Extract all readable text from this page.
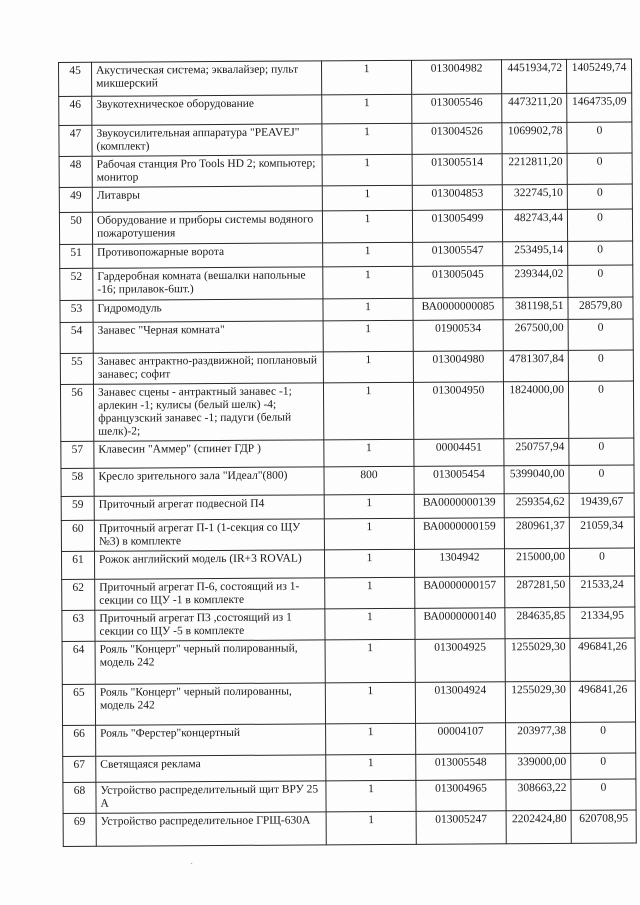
45	Акустическая система; эквалайзер; пульт микшерский	1	013004982	4451934,72	1405249,74
46	Звукотехническое оборудование	1	013005546	4473211,20	1464735,09
47	Звукоусилительная аппаратура "PEAVEJ" (комплект)	1	013004526	1069902,78	0
48	Рабочая станция Pro Tools HD 2; компьютер; монитор	1	013005514	2212811,20	0
49	Литавры	1	013004853	322745,10	0
50	Оборудование и приборы системы водяного пожаротушения	1	013005499	482743,44	0
51	Противопожарные ворота	1	013005547	253495,14	0
52	Гардеробная комната (вешалки напольные -16; прилавок-6шт.)	1	013005045	239344,02	0
53	Гидромодуль	1	ВА0000000085	381198,51	28579,80
54	Занавес "Черная комната"	1	01900534	267500,00	0
55	Занавес антрактно-раздвижной; поплановый занавес; софит	1	013004980	4781307,84	0
56	Занавес сцены - антрактный занавес -1; арлекин -1; кулисы (белый шелк) -4; французский занавес -1; падуги (белый шелк)-2;	1	013004950	1824000,00	0
57	Клавесин "Аммер" (спинет ГДР )	1	00004451	250757,94	0
58	Кресло зрительного зала "Идеал"(800)	800	013005454	5399040,00	0
59	Приточный агрегат подвесной П4	1	ВА0000000139	259354,62	19439,67
60	Приточный агрегат П-1 (1-секция со ЩУ №3) в комплекте	1	ВА0000000159	280961,37	21059,34
61	Рожок английский модель (IR+3 ROVAL)	1	1304942	215000,00	0
62	Приточный агрегат П-6, состоящий из 1-секции со ЩУ -1 в комплекте	1	ВА0000000157	287281,50	21533,24
63	Приточный агрегат П3 ,состоящий из 1 секции со ЩУ -5 в комплекте	1	ВА0000000140	284635,85	21334,95
64	Рояль "Концерт" черный полированный, модель 242	1	013004925	1255029,30	496841,26
65	Рояль "Концерт" черный полированны, модель 242	1	013004924	1255029,30	496841,26
66	Рояль "Ферстер"концертный	1	00004107	203977,38	0
67	Светящаяся реклама	1	013005548	339000,00	0
68	Устройство распределительный щит ВРУ 25 А	1	013004965	308663,22	0
69	Устройство распределительное ГРЩ-630А	1	013005247	2202424,80	620708,95
·
